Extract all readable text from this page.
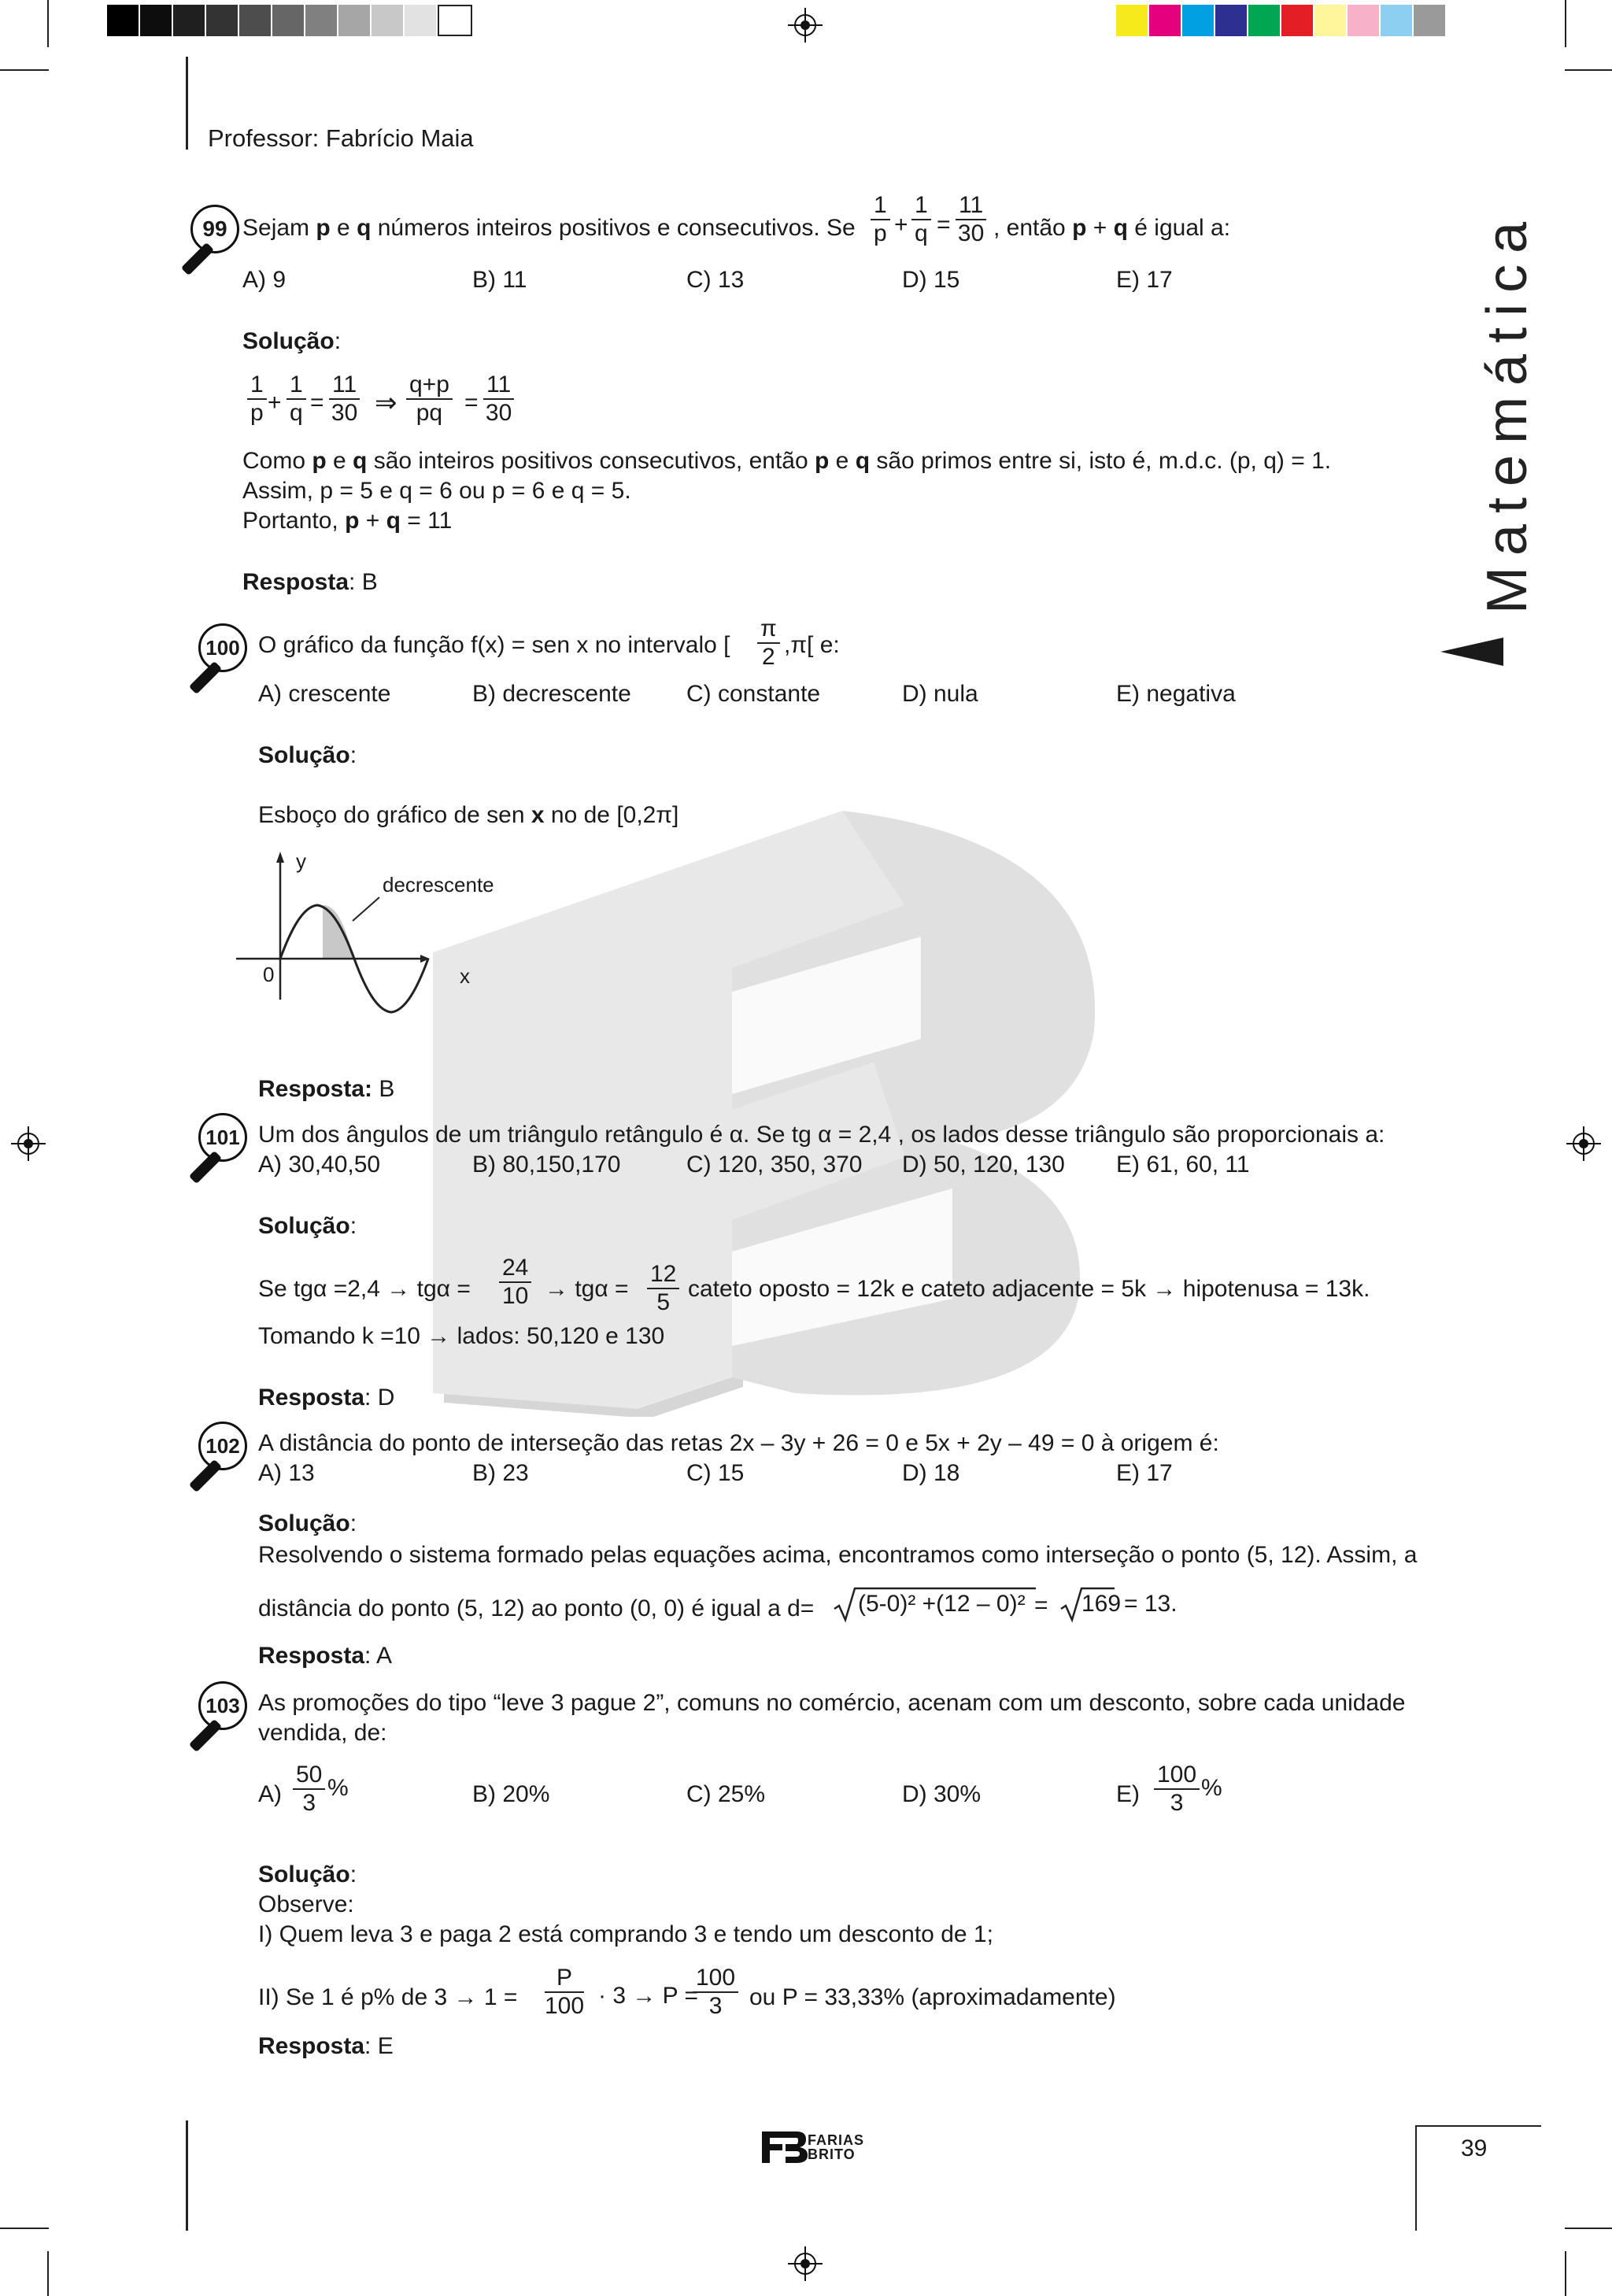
Professor: Fabrício Maia
Matemática
99 Sejam p e q números inteiros positivos e consecutivos. Se $\frac{1}{p} + \frac{1}{q} = \frac{11}{30}$ , então p + q é igual a:
A) 9	B) 11	C) 13	D) 15	E) 17
Solução:
$\frac{1}{p} + \frac{1}{q} = \frac{11}{30}$ ⇒ $\frac{q+p}{pq} = \frac{11}{30}$
Como p e q são inteiros positivos consecutivos, então p e q são primos entre si, isto é, m.d.c. (p, q) = 1.
Assim, p = 5 e q = 6 ou p = 6 e q = 5.
Portanto, p + q = 11
Resposta: B
100 O gráfico da função f(x) = sen x no intervalo [ $\frac{\pi}{2} ,\pi$[ e:
A) crescente	B) decrescente C) constante	D) nula	E) negativa
Solução:
Esboço do gráfico de sen x no de [0,2π]
y
x
0
decrescente
Resposta: B
101 Um dos ângulos de um triângulo retângulo é α. Se tg α = 2,4 , os lados desse triângulo são proporcionais a:
A) 30,40,50	B) 80,150,170	C) 120, 350, 370 D) 50, 120, 130 E) 61, 60, 11
Solução:
Se $tg\alpha =2,4 \to tg\alpha = \frac{24}{10} \to tg\alpha = \frac{12}{5}$ cateto oposto = 12k e cateto adjacente = 5k → hipotenusa = 13k.
Tomando k =10 → lados: 50,120 e 130
Resposta: D
102 A distância do ponto de interseção das retas 2x – 3y + 26 = 0 e 5x + 2y – 49 = 0 à origem é:
A) 13	B) 23	C) 15	D) 18	E) 17
Solução:
Resolvendo o sistema formado pelas equações acima, encontramos como interseção o ponto (5, 12). Assim, a
distância do ponto (5, 12) ao ponto (0, 0) é igual a d= (5-0)² +(12 – 0)² = 169 = 13.
Resposta: A
103 As promoções do tipo “leve 3 pague 2”, comuns no comércio, acenam com um desconto, sobre cada unidade
vendida, de:
$A) \frac{50}{3}$ %	B) 20%	C) 25%	D) 30%	$E) \frac{100}{3}$ %
Solução:
Observe:
I) Quem leva 3 e paga 2 está comprando 3 e tendo um desconto de 1;
II) Se 1 é p% de $3 \to 1 = \frac{P}{100} \cdot 3 \to P$ =
$\frac{100}{3}$ ou P = 33,33% (aproximadamente)
Resposta: E
FARIAS BRITO	39
